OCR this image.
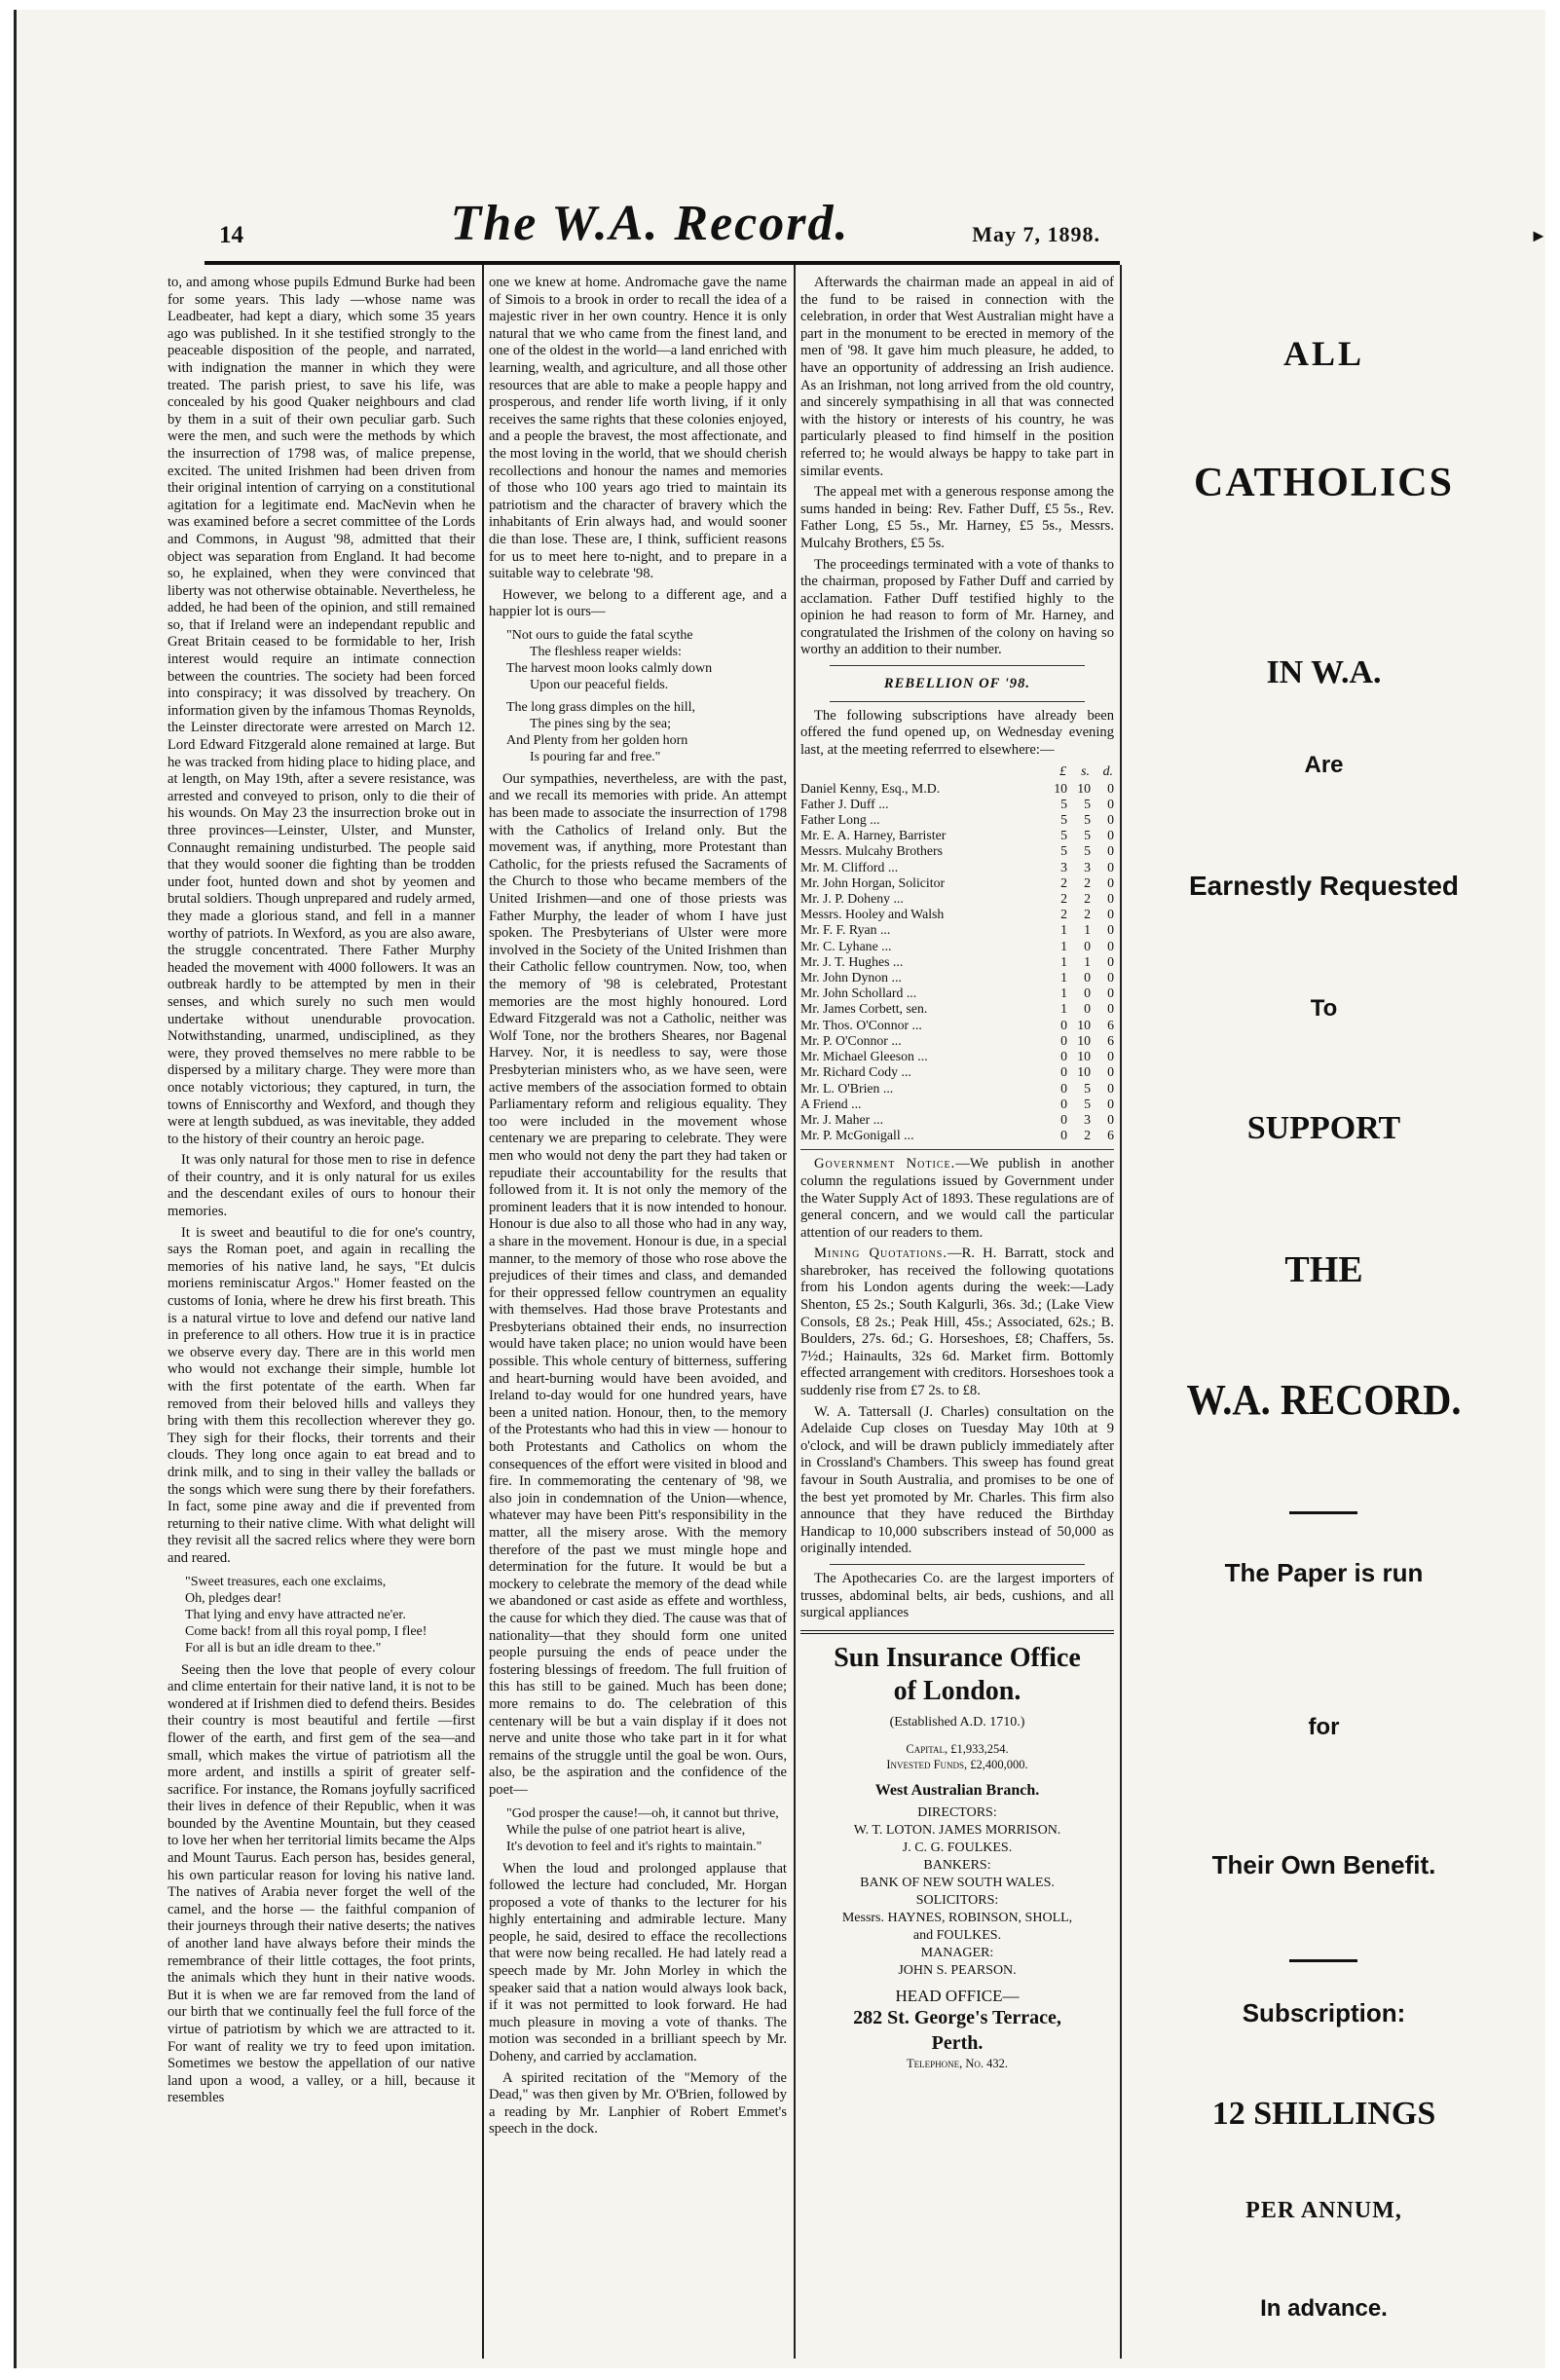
14	The W.A. Record.	May 7, 1898.	►

to, and among whose pupils Edmund Burke had been for some years. This lady —whose name was Leadbeater, had kept a diary, which some 35 years ago was published. In it she testified strongly to the peaceable disposition of the people, and narrated, with indignation the manner in which they were treated. The parish priest, to save his life, was concealed by his good Quaker neighbours and clad by them in a suit of their own peculiar garb. Such were the men, and such were the methods by which the insurrection of 1798 was, of malice prepense, excited. The united Irishmen had been driven from their original intention of carrying on a constitutional agitation for a legitimate end. MacNevin when he was examined before a secret committee of the Lords and Commons, in August '98, admitted that their object was separation from England. It had become so, he explained, when they were convinced that liberty was not otherwise obtainable. Nevertheless, he added, he had been of the opinion, and still remained so, that if Ireland were an independant republic and Great Britain ceased to be formidable to her, Irish interest would require an intimate connection between the countries. The society had been forced into conspiracy; it was dissolved by treachery. On information given by the infamous Thomas Reynolds, the Leinster directorate were arrested on March 12. Lord Edward Fitzgerald alone remained at large. But he was tracked from hiding place to hiding place, and at length, on May 19th, after a severe resistance, was arrested and conveyed to prison, only to die their of his wounds. On May 23 the insurrection broke out in three provinces—Leinster, Ulster, and Munster, Connaught remaining undisturbed. The people said that they would sooner die fighting than be trodden under foot, hunted down and shot by yeomen and brutal soldiers. Though unprepared and rudely armed, they made a glorious stand, and fell in a manner worthy of patriots. In Wexford, as you are also aware, the struggle concentrated. There Father Murphy headed the movement with 4000 followers. It was an outbreak hardly to be attempted by men in their senses, and which surely no such men would undertake without unendurable provocation. Notwithstanding, unarmed, undisciplined, as they were, they proved themselves no mere rabble to be dispersed by a military charge. They were more than once notably victorious; they captured, in turn, the towns of Enniscorthy and Wexford, and though they were at length subdued, as was inevitable, they added to the history of their country an heroic page.

It was only natural for those men to rise in defence of their country, and it is only natural for us exiles and the descendant exiles of ours to honour their memories.

It is sweet and beautiful to die for one's country, says the Roman poet, and again in recalling the memories of his native land, he says, "Et dulcis moriens reminiscatur Argos." Homer feasted on the customs of Ionia, where he drew his first breath. This is a natural virtue to love and defend our native land in preference to all others. How true it is in practice we observe every day. There are in this world men who would not exchange their simple, humble lot with the first potentate of the earth. When far removed from their beloved hills and valleys they bring with them this recollection wherever they go. They sigh for their flocks, their torrents and their clouds. They long once again to eat bread and to drink milk, and to sing in their valley the ballads or the songs which were sung there by their forefathers. In fact, some pine away and die if prevented from returning to their native clime. With what delight will they revisit all the sacred relics where they were born and reared.

"Sweet treasures, each one exclaims,
Oh, pledges dear!
That lying and envy have attracted ne'er.
Come back! from all this royal pomp, I flee!
For all is but an idle dream to thee."

Seeing then the love that people of every colour and clime entertain for their native land, it is not to be wondered at if Irishmen died to defend theirs. Besides their country is most beautiful and fertile —first flower of the earth, and first gem of the sea—and small, which makes the virtue of patriotism all the more ardent, and instills a spirit of greater self-sacrifice. For instance, the Romans joyfully sacrificed their lives in defence of their Republic, when it was bounded by the Aventine Mountain, but they ceased to love her when her territorial limits became the Alps and Mount Taurus. Each person has, besides general, his own particular reason for loving his native land. The natives of Arabia never forget the well of the camel, and the horse — the faithful companion of their journeys through their native deserts; the natives of another land have always before their minds the remembrance of their little cottages, the foot prints, the animals which they hunt in their native woods. But it is when we are far removed from the land of our birth that we continually feel the full force of the virtue of patriotism by which we are attracted to it. For want of reality we try to feed upon imitation. Sometimes we bestow the appellation of our native land upon a wood, a valley, or a hill, because it resembles

one we knew at home. Andromache gave the name of Simois to a brook in order to recall the idea of a majestic river in her own country. Hence it is only natural that we who came from the finest land, and one of the oldest in the world—a land enriched with learning, wealth, and agriculture, and all those other resources that are able to make a people happy and prosperous, and render life worth living, if it only receives the same rights that these colonies enjoyed, and a people the bravest, the most affectionate, and the most loving in the world, that we should cherish recollections and honour the names and memories of those who 100 years ago tried to maintain its patriotism and the character of bravery which the inhabitants of Erin always had, and would sooner die than lose. These are, I think, sufficient reasons for us to meet here to-night, and to prepare in a suitable way to celebrate '98.

However, we belong to a different age, and a happier lot is ours—

"Not ours to guide the fatal scythe
The fleshless reaper wields:
The harvest moon looks calmly down
Upon our peaceful fields.
The long grass dimples on the hill,
The pines sing by the sea;
And Plenty from her golden horn
Is pouring far and free."

Our sympathies, nevertheless, are with the past, and we recall its memories with pride. An attempt has been made to associate the insurrection of 1798 with the Catholics of Ireland only. But the movement was, if anything, more Protestant than Catholic, for the priests refused the Sacraments of the Church to those who became members of the United Irishmen—and one of those priests was Father Murphy, the leader of whom I have just spoken. The Presbyterians of Ulster were more involved in the Society of the United Irishmen than their Catholic fellow countrymen. Now, too, when the memory of '98 is celebrated, Protestant memories are the most highly honoured. Lord Edward Fitzgerald was not a Catholic, neither was Wolf Tone, nor the brothers Sheares, nor Bagenal Harvey. Nor, it is needless to say, were those Presbyterian ministers who, as we have seen, were active members of the association formed to obtain Parliamentary reform and religious equality. They too were included in the movement whose centenary we are preparing to celebrate. They were men who would not deny the part they had taken or repudiate their accountability for the results that followed from it. It is not only the memory of the prominent leaders that it is now intended to honour. Honour is due also to all those who had in any way, a share in the movement. Honour is due, in a special manner, to the memory of those who rose above the prejudices of their times and class, and demanded for their oppressed fellow countrymen an equality with themselves. Had those brave Protestants and Presbyterians obtained their ends, no insurrection would have taken place; no union would have been possible. This whole century of bitterness, suffering and heart-burning would have been avoided, and Ireland to-day would for one hundred years, have been a united nation. Honour, then, to the memory of the Protestants who had this in view — honour to both Protestants and Catholics on whom the consequences of the effort were visited in blood and fire. In commemorating the centenary of '98, we also join in condemnation of the Union—whence, whatever may have been Pitt's responsibility in the matter, all the misery arose. With the memory therefore of the past we must mingle hope and determination for the future. It would be but a mockery to celebrate the memory of the dead while we abandoned or cast aside as effete and worthless, the cause for which they died. The cause was that of nationality—that they should form one united people pursuing the ends of peace under the fostering blessings of freedom. The full fruition of this has still to be gained. Much has been done; more remains to do. The celebration of this centenary will be but a vain display if it does not nerve and unite those who take part in it for what remains of the struggle until the goal be won. Ours, also, be the aspiration and the confidence of the poet—

"God prosper the cause!—oh, it cannot but thrive,
While the pulse of one patriot heart is alive,
It's devotion to feel and it's rights to maintain."

When the loud and prolonged applause that followed the lecture had concluded, Mr. Horgan proposed a vote of thanks to the lecturer for his highly entertaining and admirable lecture. Many people, he said, desired to efface the recollections that were now being recalled. He had lately read a speech made by Mr. John Morley in which the speaker said that a nation would always look back, if it was not permitted to look forward. He had much pleasure in moving a vote of thanks. The motion was seconded in a brilliant speech by Mr. Doheny, and carried by acclamation.

A spirited recitation of the "Memory of the Dead," was then given by Mr. O'Brien, followed by a reading by Mr. Lanphier of Robert Emmet's speech in the dock.

Afterwards the chairman made an appeal in aid of the fund to be raised in connection with the celebration, in order that West Australian might have a part in the monument to be erected in memory of the men of '98. It gave him much pleasure, he added, to have an opportunity of addressing an Irish audience. As an Irishman, not long arrived from the old country, and sincerely sympathising in all that was connected with the history or interests of his country, he was particularly pleased to find himself in the position referred to; he would always be happy to take part in similar events.

The appeal met with a generous response among the sums handed in being: Rev. Father Duff, £5 5s., Rev. Father Long, £5 5s., Mr. Harney, £5 5s., Messrs. Mulcahy Brothers, £5 5s.

The proceedings terminated with a vote of thanks to the chairman, proposed by Father Duff and carried by acclamation. Father Duff testified highly to the opinion he had reason to form of Mr. Harney, and congratulated the Irishmen of the colony on having so worthy an addition to their number.

REBELLION OF '98.

The following subscriptions have already been offered the fund opened up, on Wednesday evening last, at the meeting referrred to elsewhere:—

	£	s.	d.
Daniel Kenny, Esq., M.D.	10	10	0
Father J. Duff ...	5	5	0
Father Long ...	5	5	0
Mr. E. A. Harney, Barrister	5	5	0
Messrs. Mulcahy Brothers	5	5	0
Mr. M. Clifford ...	3	3	0
Mr. John Horgan, Solicitor	2	2	0
Mr. J. P. Doheny ...	2	2	0
Messrs. Hooley and Walsh	2	2	0
Mr. F. F. Ryan ...	1	1	0
Mr. C. Lyhane ...	1	0	0
Mr. J. T. Hughes ...	1	1	0
Mr. John Dynon ...	1	0	0
Mr. John Schollard ...	1	0	0
Mr. James Corbett, sen.	1	0	0
Mr. Thos. O'Connor ...	0	10	6
Mr. P. O'Connor ...	0	10	6
Mr. Michael Gleeson ...	0	10	0
Mr. Richard Cody ...	0	10	0
Mr. L. O'Brien ...	0	5	0
A Friend ...	0	5	0
Mr. J. Maher ...	0	3	0
Mr. P. McGonigall ...	0	2	6

Government Notice.—We publish in another column the regulations issued by Government under the Water Supply Act of 1893. These regulations are of general concern, and we would call the particular attention of our readers to them.

Mining Quotations.—R. H. Barratt, stock and sharebroker, has received the following quotations from his London agents during the week:—Lady Shenton, £5 2s.; South Kalgurli, 36s. 3d.; (Lake View Consols, £8 2s.; Peak Hill, 45s.; Associated, 62s.; B. Boulders, 27s. 6d.; G. Horseshoes, £8; Chaffers, 5s. 7½d.; Hainaults, 32s 6d. Market firm. Bottomly effected arrangement with creditors. Horseshoes took a suddenly rise from £7 2s. to £8.

W. A. Tattersall (J. Charles) consultation on the Adelaide Cup closes on Tuesday May 10th at 9 o'clock, and will be drawn publicly immediately after in Crossland's Chambers. This sweep has found great favour in South Australia, and promises to be one of the best yet promoted by Mr. Charles. This firm also announce that they have reduced the Birthday Handicap to 10,000 subscribers instead of 50,000 as originally intended.

The Apothecaries Co. are the largest importers of trusses, abdominal belts, air beds, cushions, and all surgical appliances

Sun Insurance Office
of London.
(Established A.D. 1710.)
Capital, £1,933,254.
Invested Funds, £2,400,000.
West Australian Branch.
DIRECTORS:
W. T. LOTON. JAMES MORRISON.
J. C. G. FOULKES.
BANKERS:
BANK OF NEW SOUTH WALES.
SOLICITORS:
Messrs. HAYNES, ROBINSON, SHOLL,
and FOULKES.
MANAGER:
JOHN S. PEARSON.
HEAD OFFICE—
282 St. George's Terrace,
Perth.
Telephone, No. 432.
ALL
CATHOLICS
IN W.A.
Are
Earnestly Requested
To
SUPPORT
THE
W.A. RECORD.
The Paper is run
for
Their Own Benefit.
Subscription:
12 SHILLINGS
PER ANNUM,
In advance.
